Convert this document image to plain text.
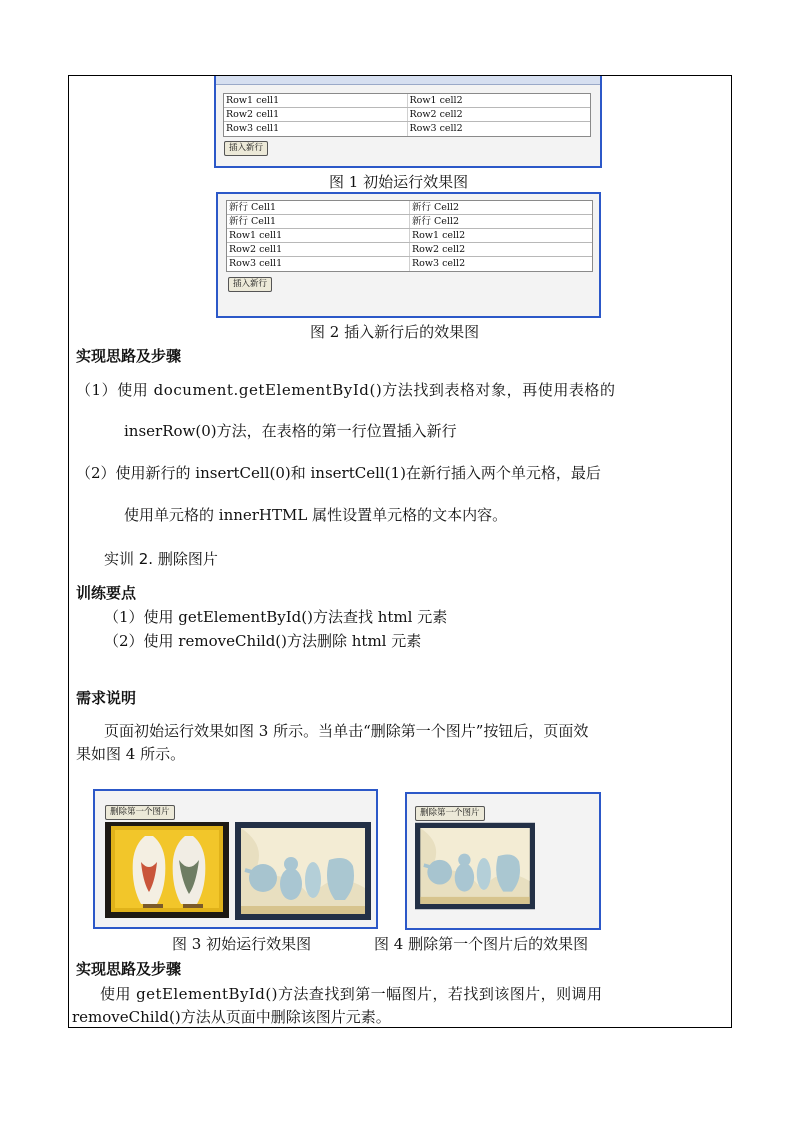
Row1 cell1	Row1 cell2
Row2 cell1	Row2 cell2
Row3 cell1	Row3 cell2
插入新行
图 1 初始运行效果图
新行 Cell1	新行 Cell2
新行 Cell1	新行 Cell2
Row1 cell1	Row1 cell2
Row2 cell1	Row2 cell2
Row3 cell1	Row3 cell2
插入新行
图 2 插入新行后的效果图
实现思路及步骤
（1）使用 document.getElementById()方法找到表格对象，再使用表格的
inserRow(0)方法，在表格的第一行位置插入新行
（2）使用新行的 insertCell(0)和 insertCell(1)在新行插入两个单元格，最后
使用单元格的 innerHTML 属性设置单元格的文本内容。
实训 2. 删除图片
训练要点
（1）使用 getElementById()方法查找 html 元素
（2）使用 removeChild()方法删除 html 元素
需求说明
页面初始运行效果如图 3 所示。当单击“删除第一个图片”按钮后，页面效
果如图 4 所示。
删除第一个图片	删除第一个图片
图 3 初始运行效果图	图 4 删除第一个图片后的效果图
实现思路及步骤
使用 getElementById()方法查找到第一幅图片，若找到该图片，则调用
removeChild()方法从页面中删除该图片元素。
